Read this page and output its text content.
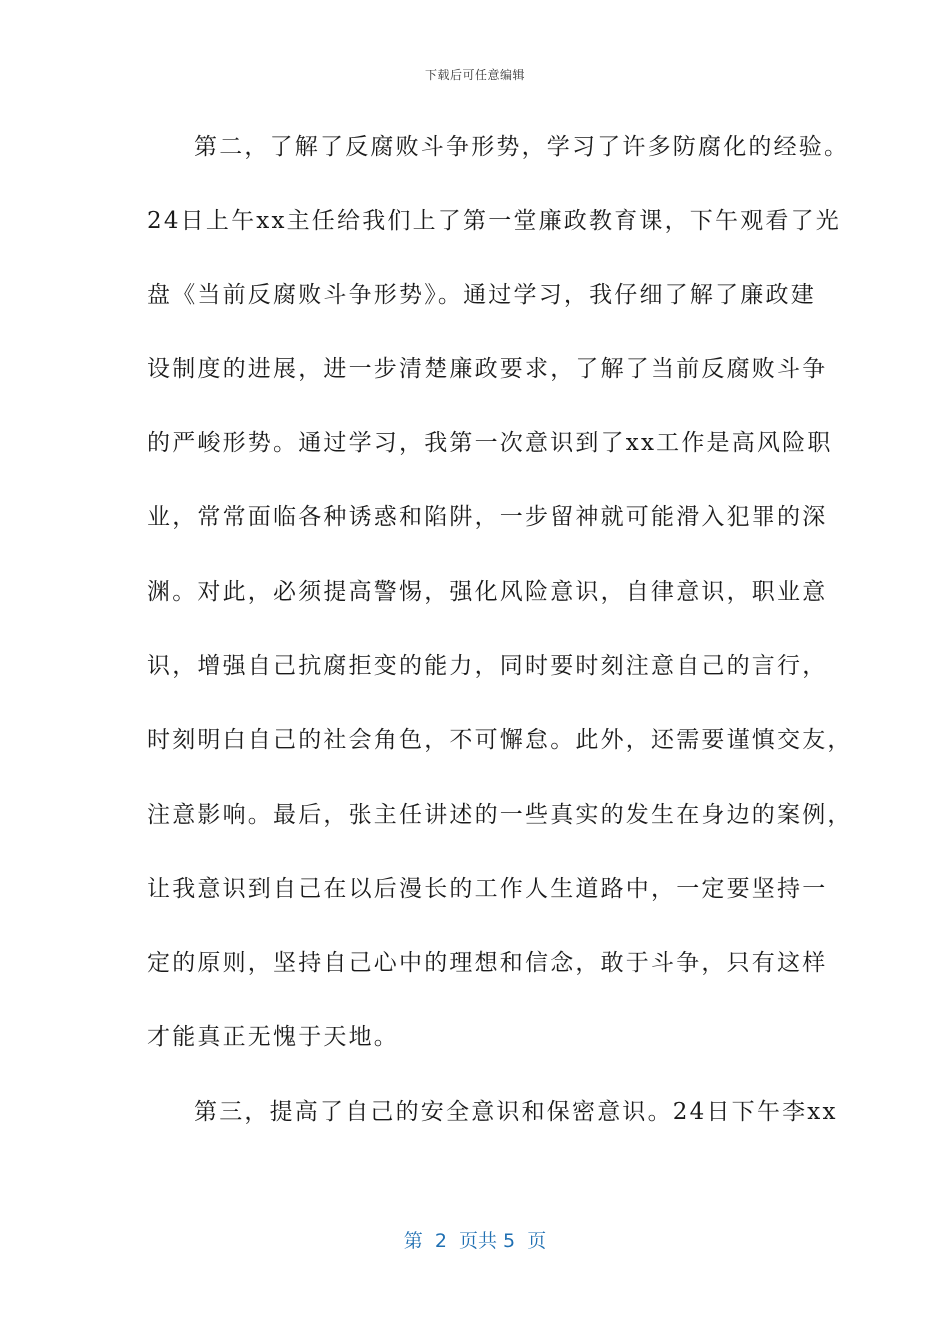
下载后可任意编辑
第二，了解了反腐败斗争形势，学习了许多防腐化的经验。
24日上午xx主任给我们上了第一堂廉政教育课，下午观看了光
盘《当前反腐败斗争形势》。通过学习，我仔细了解了廉政建
设制度的进展，进一步清楚廉政要求，了解了当前反腐败斗争
的严峻形势。通过学习，我第一次意识到了xx工作是高风险职
业，常常面临各种诱惑和陷阱，一步留神就可能滑入犯罪的深
渊。对此，必须提高警惕，强化风险意识，自律意识，职业意
识，增强自己抗腐拒变的能力，同时要时刻注意自己的言行，
时刻明白自己的社会角色，不可懈怠。此外，还需要谨慎交友，
注意影响。最后，张主任讲述的一些真实的发生在身边的案例，
让我意识到自己在以后漫长的工作人生道路中，一定要坚持一
定的原则，坚持自己心中的理想和信念，敢于斗争，只有这样
才能真正无愧于天地。
第三，提高了自己的安全意识和保密意识。24日下午李xx
第  2  页共 5  页
